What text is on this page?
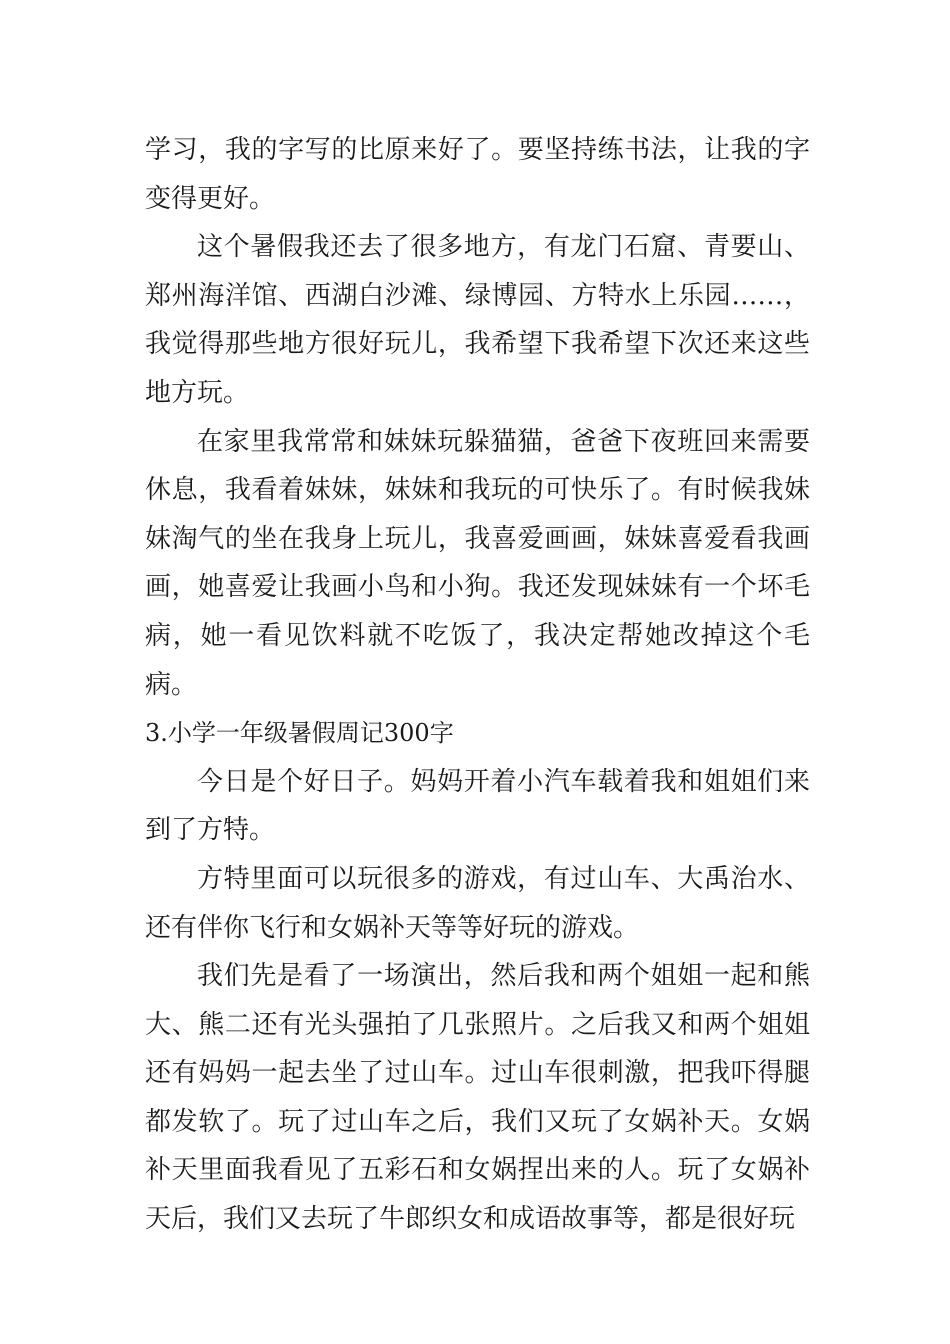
学习，我的字写的比原来好了。要坚持练书法，让我的字变得更好。

这个暑假我还去了很多地方，有龙门石窟、青要山、郑州海洋馆、西湖白沙滩、绿博园、方特水上乐园……，我觉得那些地方很好玩儿，我希望下我希望下次还来这些地方玩。

在家里我常常和妹妹玩躲猫猫，爸爸下夜班回来需要休息，我看着妹妹，妹妹和我玩的可快乐了。有时候我妹妹淘气的坐在我身上玩儿，我喜爱画画，妹妹喜爱看我画画，她喜爱让我画小鸟和小狗。我还发现妹妹有一个坏毛病，她一看见饮料就不吃饭了，我决定帮她改掉这个毛病。

3.小学一年级暑假周记300字

今日是个好日子。妈妈开着小汽车载着我和姐姐们来到了方特。

方特里面可以玩很多的游戏，有过山车、大禹治水、还有伴你飞行和女娲补天等等好玩的游戏。

我们先是看了一场演出，然后我和两个姐姐一起和熊大、熊二还有光头强拍了几张照片。之后我又和两个姐姐还有妈妈一起去坐了过山车。过山车很刺激，把我吓得腿都发软了。玩了过山车之后，我们又玩了女娲补天。女娲补天里面我看见了五彩石和女娲捏出来的人。玩了女娲补天后，我们又去玩了牛郎织女和成语故事等，都是很好玩
